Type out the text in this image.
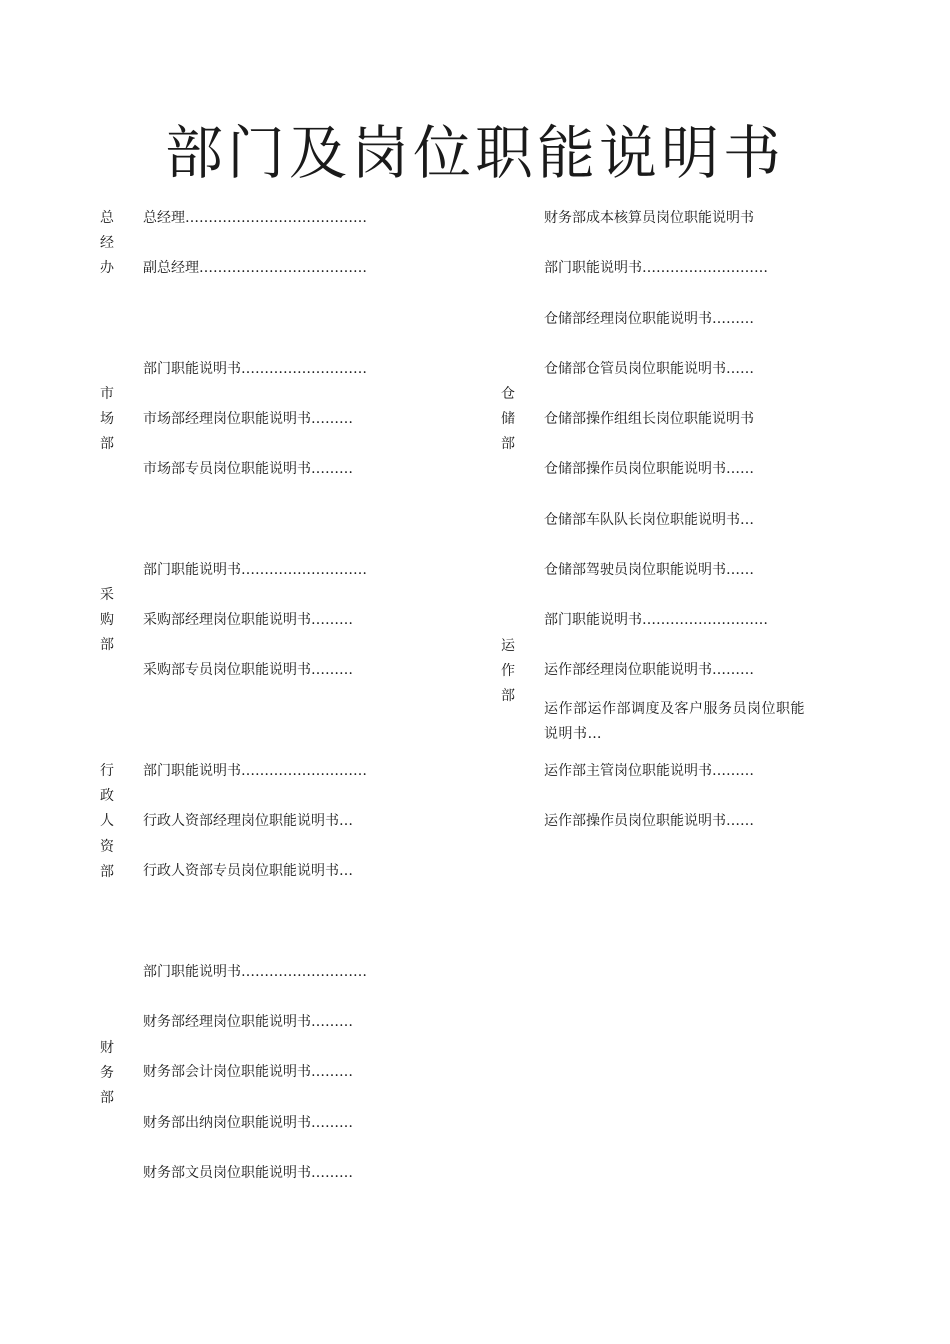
部门及岗位职能说明书
总经办
市场部
采购部
行政人资部
财务部
仓储部
运作部
总经理…………………………………
副总经理………………………………
部门职能说明书………………………
市场部经理岗位职能说明书………
市场部专员岗位职能说明书………
部门职能说明书………………………
采购部经理岗位职能说明书………
采购部专员岗位职能说明书………
部门职能说明书………………………
行政人资部经理岗位职能说明书…
行政人资部专员岗位职能说明书…
部门职能说明书………………………
财务部经理岗位职能说明书………
财务部会计岗位职能说明书………
财务部出纳岗位职能说明书………
财务部文员岗位职能说明书………
财务部成本核算员岗位职能说明书
部门职能说明书………………………
仓储部经理岗位职能说明书………
仓储部仓管员岗位职能说明书……
仓储部操作组组长岗位职能说明书
仓储部操作员岗位职能说明书……
仓储部车队队长岗位职能说明书…
仓储部驾驶员岗位职能说明书……
部门职能说明书………………………
运作部经理岗位职能说明书………
运作部运作部调度及客户服务员岗位职能说明书…
运作部主管岗位职能说明书………
运作部操作员岗位职能说明书……
